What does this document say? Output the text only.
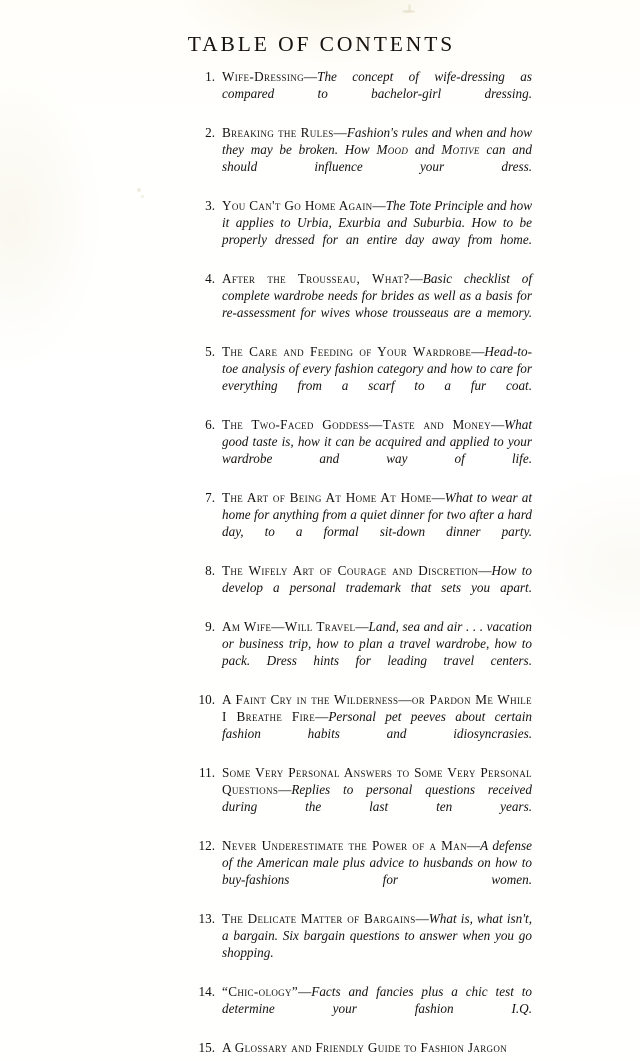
TABLE OF CONTENTS
1. Wife-Dressing—The concept of wife-dressing as compared to bachelor-girl dressing.
2. Breaking the Rules—Fashion's rules and when and how they may be broken. How Mood and Motive can and should influence your dress.
3. You Can't Go Home Again—The Tote Principle and how it applies to Urbia, Exurbia and Suburbia. How to be properly dressed for an entire day away from home.
4. After the Trousseau, What?—Basic checklist of complete wardrobe needs for brides as well as a basis for re-assessment for wives whose trousseaus are a memory.
5. The Care and Feeding of Your Wardrobe—Head-to-toe analysis of every fashion category and how to care for everything from a scarf to a fur coat.
6. The Two-Faced Goddess—Taste and Money—What good taste is, how it can be acquired and applied to your wardrobe and way of life.
7. The Art of Being At Home At Home—What to wear at home for anything from a quiet dinner for two after a hard day, to a formal sit-down dinner party.
8. The Wifely Art of Courage and Discretion—How to develop a personal trademark that sets you apart.
9. Am Wife—Will Travel—Land, sea and air . . . vacation or business trip, how to plan a travel wardrobe, how to pack. Dress hints for leading travel centers.
10. A Faint Cry in the Wilderness—or Pardon Me While I Breathe Fire—Personal pet peeves about certain fashion habits and idiosyncrasies.
11. Some Very Personal Answers to Some Very Personal Questions—Replies to personal questions received during the last ten years.
12. Never Underestimate the Power of a Man—A defense of the American male plus advice to husbands on how to buy-fashions for women.
13. The Delicate Matter of Bargains—What is, what isn't, a bargain. Six bargain questions to answer when you go shopping.
14. “Chic-ology”—Facts and fancies plus a chic test to determine your fashion I.Q.
15. A Glossary and Friendly Guide to Fashion Jargon
